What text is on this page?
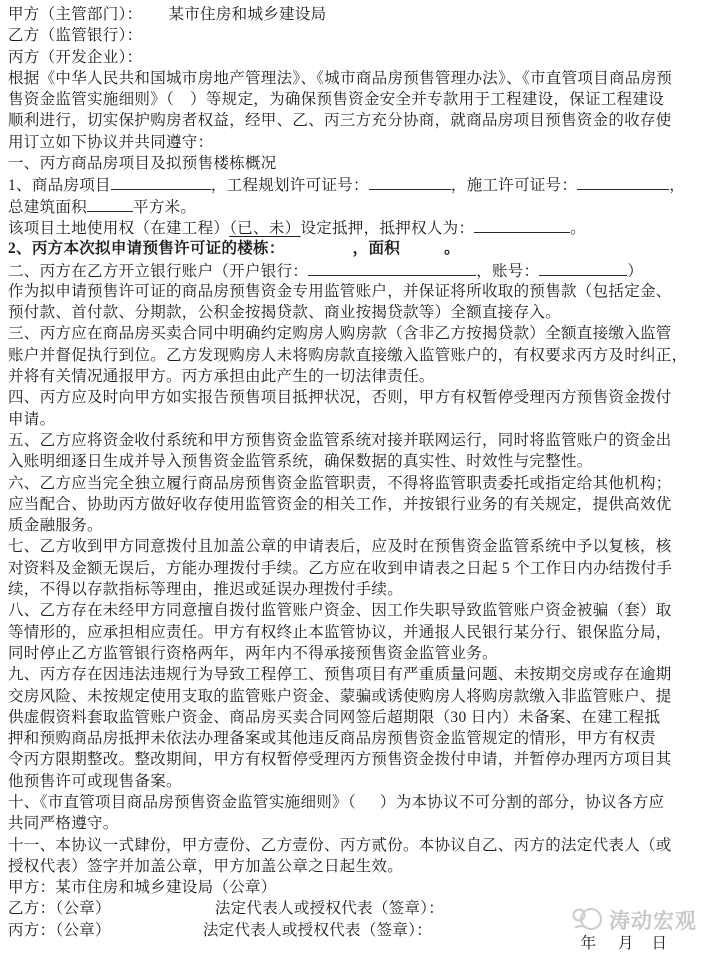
甲方（主管部门）： 某市住房和城乡建设局
乙方（监管银行）：
丙方（开发企业）：
根据《中华人民共和国城市房地产管理法》、《城市商品房预售管理办法》、《市直管项目商品房预
售资金监管实施细则》（ ）等规定，为确保预售资金安全并专款用于工程建设，保证工程建设
顺利进行，切实保护购房者权益，经甲、乙、丙三方充分协商，就商品房项目预售资金的收存使
用订立如下协议并共同遵守：
一、丙方商品房项目及拟预售楼栋概况
1、商品房项目	，工程规划许可证号：	，施工许可证号：	，
总建筑面积	平方米。
该项目土地使用权（在建工程）（已、未）设定抵押，抵押权人为：	。
2、丙方本次拟申请预售许可证的楼栋：	，面积	。
二、丙方在乙方开立银行账户（开户银行：	，账号：	）
作为拟申请预售许可证的商品房预售资金专用监管账户，并保证将所收取的预售款（包括定金、
预付款、首付款、分期款，公积金按揭贷款、商业按揭贷款等）全额直接存入。
三、丙方应在商品房买卖合同中明确约定购房人购房款（含非乙方按揭贷款）全额直接缴入监管
账户并督促执行到位。乙方发现购房人未将购房款直接缴入监管账户的，有权要求丙方及时纠正，
并将有关情况通报甲方。丙方承担由此产生的一切法律责任。
四、丙方应及时向甲方如实报告预售项目抵押状况，否则，甲方有权暂停受理丙方预售资金拨付
申请。
五、乙方应将资金收付系统和甲方预售资金监管系统对接并联网运行，同时将监管账户的资金出
入账明细逐日生成并导入预售资金监管系统，确保数据的真实性、时效性与完整性。
六、乙方应当完全独立履行商品房预售资金监管职责，不得将监管职责委托或指定给其他机构；
应当配合、协助丙方做好收存使用监管资金的相关工作，并按银行业务的有关规定，提供高效优
质金融服务。
七、乙方收到甲方同意拨付且加盖公章的申请表后，应及时在预售资金监管系统中予以复核，核
对资料及金额无误后，方能办理拨付手续。乙方应在收到申请表之日起 5 个工作日内办结拨付手
续，不得以存款指标等理由，推迟或延误办理拨付手续。
八、乙方存在未经甲方同意擅自拨付监管账户资金、因工作失职导致监管账户资金被骗（套）取
等情形的，应承担相应责任。甲方有权终止本监管协议，并通报人民银行某分行、银保监分局，
同时停止乙方监管银行资格两年，两年内不得承接预售资金监管业务。
九、丙方存在因违法违规行为导致工程停工、预售项目有严重质量问题、未按期交房或存在逾期
交房风险、未按规定使用支取的监管账户资金、蒙骗或诱使购房人将购房款缴入非监管账户、提
供虚假资料套取监管账户资金、商品房买卖合同网签后超期限（30 日内）未备案、在建工程抵
押和预购商品房抵押未依法办理备案或其他违反商品房预售资金监管规定的情形，甲方有权责
令丙方限期整改。整改期间，甲方有权暂停受理丙方预售资金拨付申请，并暂停办理丙方项目其
他预售许可或现售备案。
十、《市直管项目商品房预售资金监管实施细则》（ ）为本协议不可分割的部分，协议各方应
共同严格遵守。
十一、本协议一式肆份，甲方壹份、乙方壹份、丙方贰份。本协议自乙、丙方的法定代表人（或
授权代表）签字并加盖公章，甲方加盖公章之日起生效。
甲方：某市住房和城乡建设局（公章）
乙方：（公章）	法定代表人或授权代表（签章）：
丙方：（公章）	法定代表人或授权代表（签章）：	涛动宏观
年 月 日
